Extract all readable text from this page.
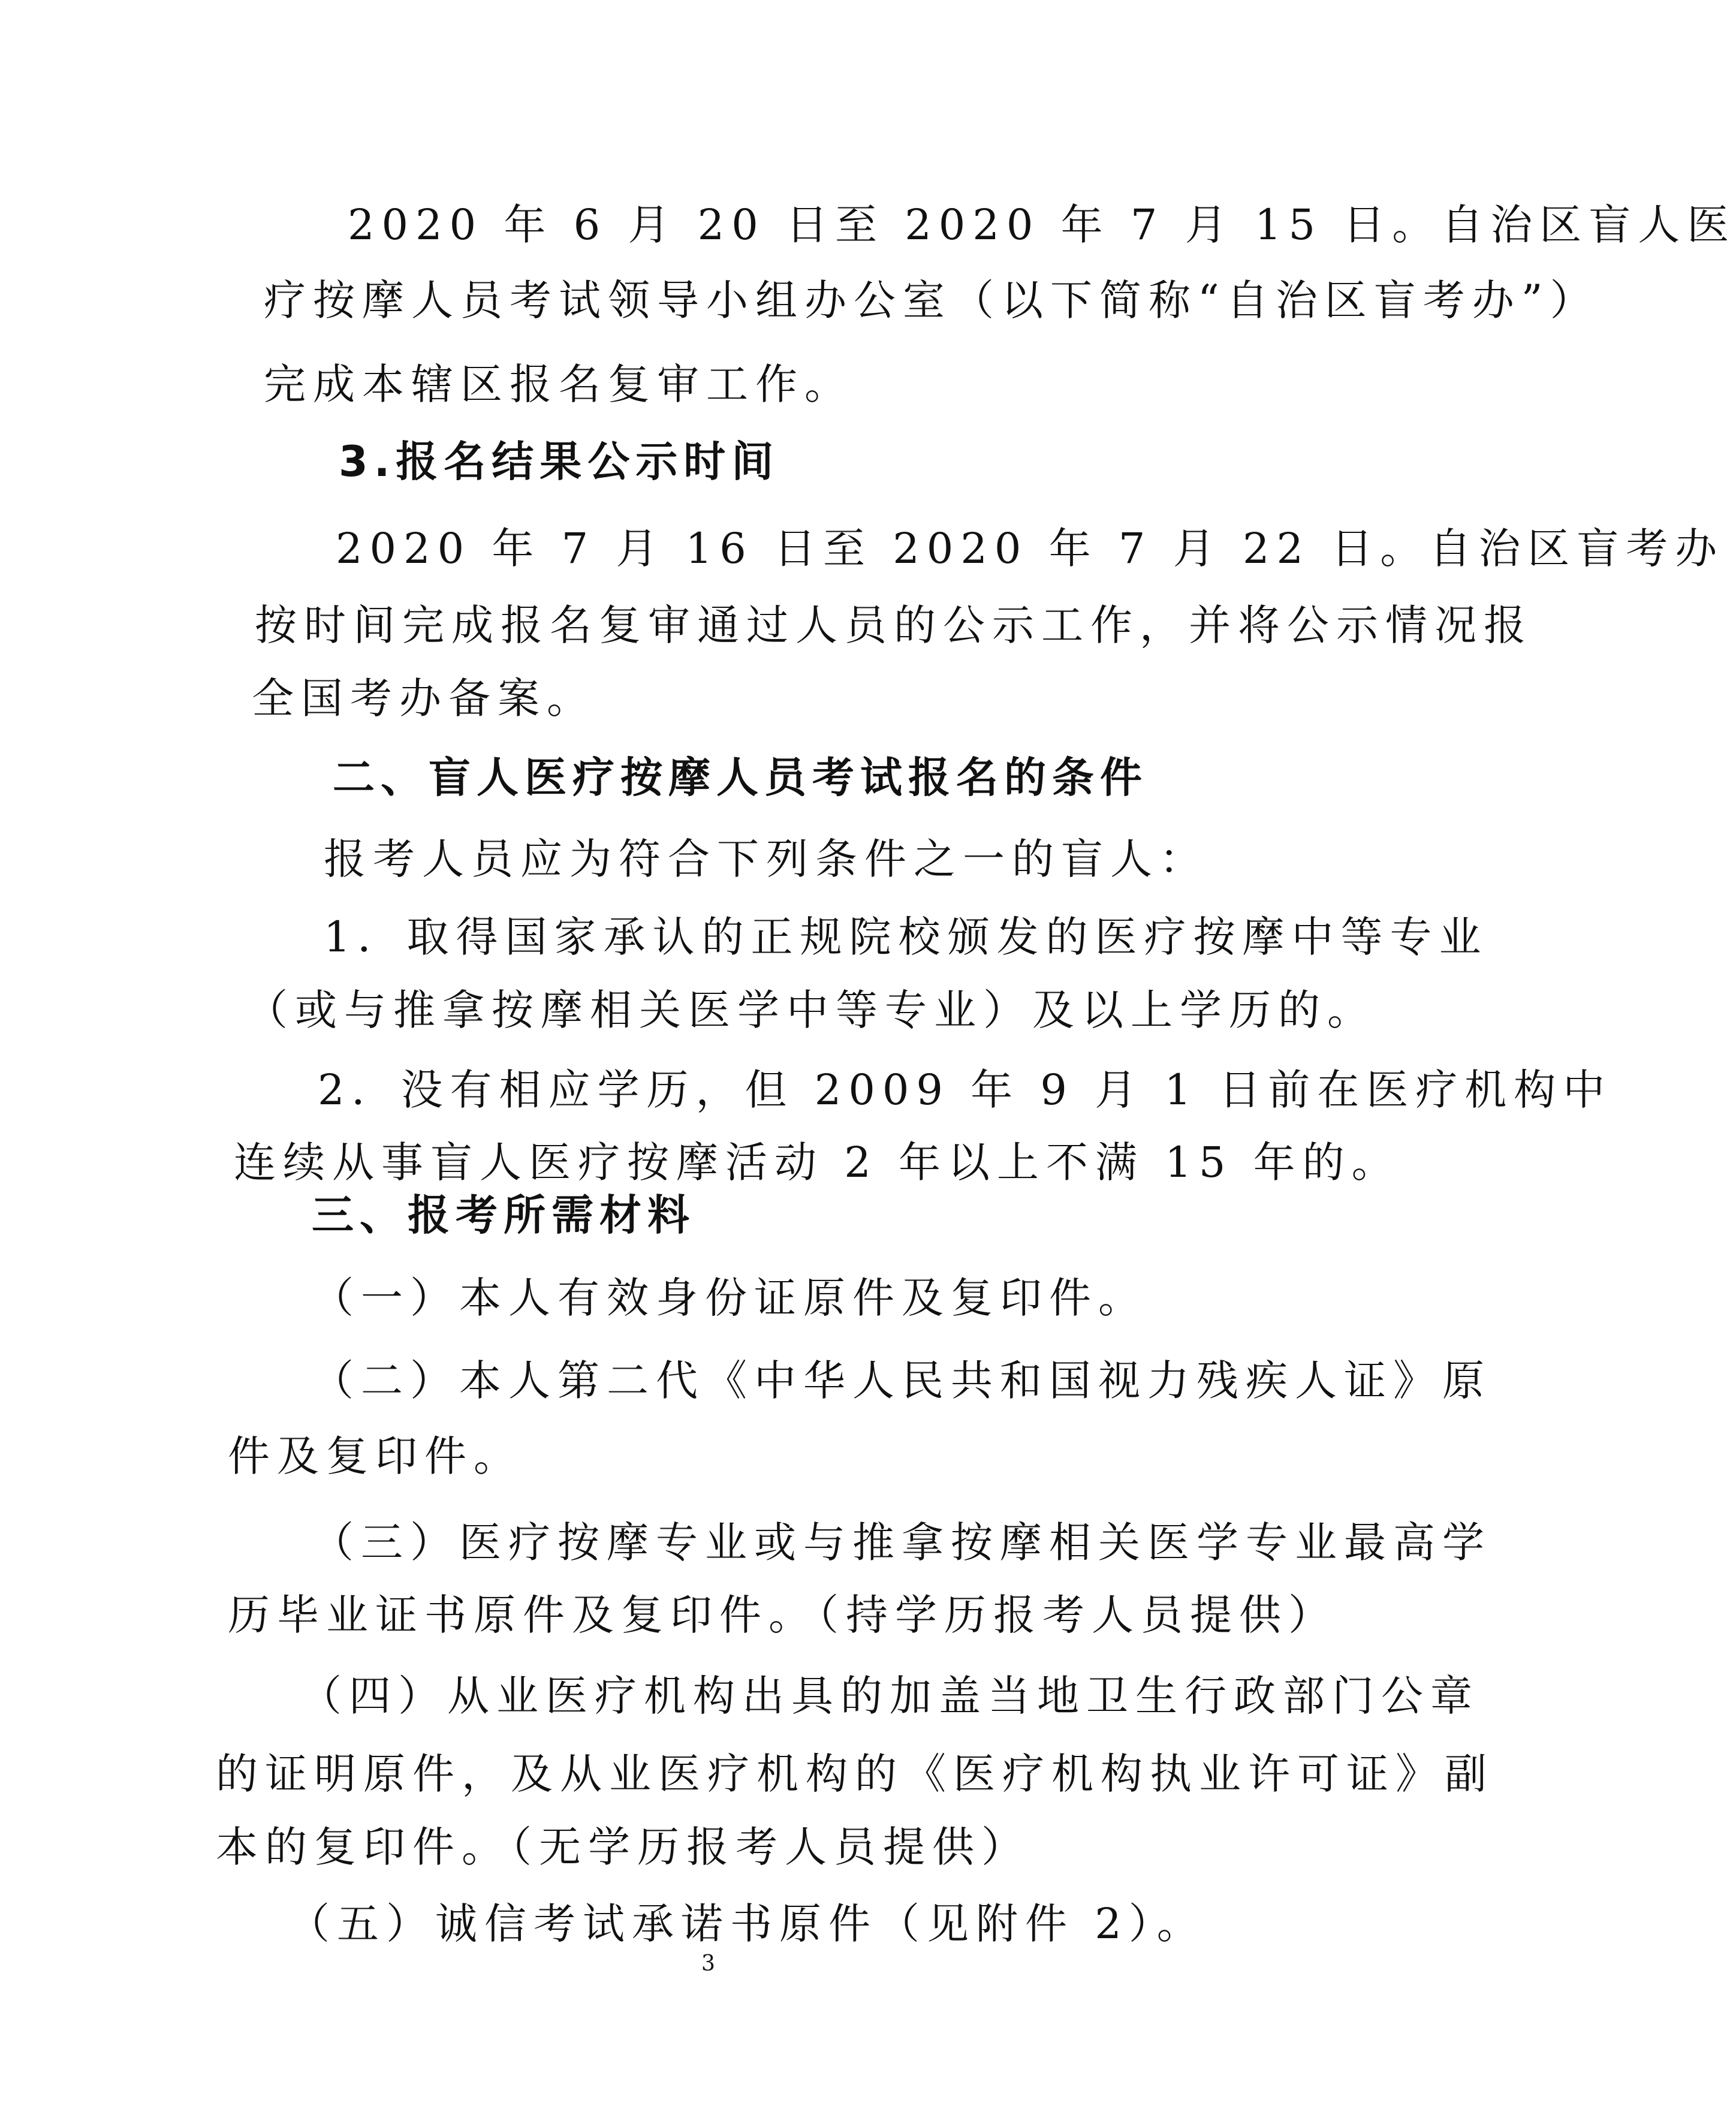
2020 年 6 月 20 日至 2020 年 7 月 15 日。自治区盲人医
疗按摩人员考试领导小组办公室（以下简称“自治区盲考办”）
完成本辖区报名复审工作。
3.报名结果公示时间
2020 年 7 月 16 日至 2020 年 7 月 22 日。自治区盲考办
按时间完成报名复审通过人员的公示工作，并将公示情况报
全国考办备案。
二、盲人医疗按摩人员考试报名的条件
报考人员应为符合下列条件之一的盲人：
1．取得国家承认的正规院校颁发的医疗按摩中等专业
（或与推拿按摩相关医学中等专业）及以上学历的。
2．没有相应学历，但 2009 年 9 月 1 日前在医疗机构中
连续从事盲人医疗按摩活动 2 年以上不满 15 年的。
三、报考所需材料
（一）本人有效身份证原件及复印件。
（二）本人第二代《中华人民共和国视力残疾人证》原
件及复印件。
（三）医疗按摩专业或与推拿按摩相关医学专业最高学
历毕业证书原件及复印件。（持学历报考人员提供）
（四）从业医疗机构出具的加盖当地卫生行政部门公章
的证明原件，及从业医疗机构的《医疗机构执业许可证》副
本的复印件。（无学历报考人员提供）
（五）诚信考试承诺书原件（见附件 2）。
3
